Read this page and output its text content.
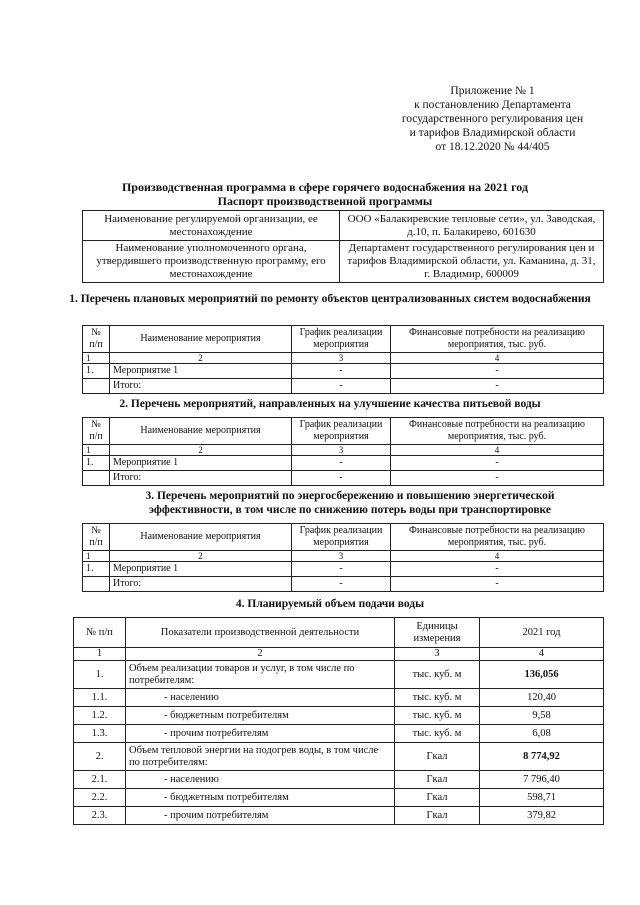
Приложение № 1
к постановлению Департамента
государственного регулирования цен
и тарифов Владимирской области
от 18.12.2020 № 44/405
Производственная программа в сфере горячего водоснабжения на 2021 год
Паспорт производственной программы
Наименование регулируемой организации, ее местонахождение	ООО «Балакиревские тепловые сети», ул. Заводская, д.10, п. Балакирево, 601630
Наименование уполномоченного органа, утвердившего производственную программу, его местонахождение	Департамент государственного регулирования цен и тарифов Владимирской области, ул. Каманина, д. 31, г. Владимир, 600009
1. Перечень плановых мероприятий по ремонту объектов централизованных систем водоснабжения
№ п/п	Наименование мероприятия	График реализации мероприятия	Финансовые потребности на реализацию мероприятия, тыс. руб.
1	2	3	4
1.	Мероприятие 1	-	-
	Итого:	-	-
2. Перечень мероприятий, направленных на улучшение качества питьевой воды
№ п/п	Наименование мероприятия	График реализации мероприятия	Финансовые потребности на реализацию мероприятия, тыс. руб.
1	2	3	4
1.	Мероприятие 1	-	-
	Итого:	-	-
3. Перечень мероприятий по энергосбережению и повышению энергетической эффективности, в том числе по снижению потерь воды при транспортировке
№ п/п	Наименование мероприятия	График реализации мероприятия	Финансовые потребности на реализацию мероприятия, тыс. руб.
1	2	3	4
1.	Мероприятие 1	-	-
	Итого:	-	-
4. Планируемый объем подачи воды
№ п/п	Показатели производственной деятельности	Единицы измерения	2021 год
1	2	3	4
1.	Объем реализации товаров и услуг, в том числе по потребителям:	тыс. куб. м	136,056
1.1.	- населению	тыс. куб. м	120,40
1.2.	- бюджетным потребителям	тыс. куб. м	9,58
1.3.	- прочим потребителям	тыс. куб. м	6,08
2.	Объем тепловой энергии на подогрев воды, в том числе по потребителям:	Гкал	8 774,92
2.1.	- населению	Гкал	7 796,40
2.2.	- бюджетным потребителям	Гкал	598,71
2.3.	- прочим потребителям	Гкал	379,82
